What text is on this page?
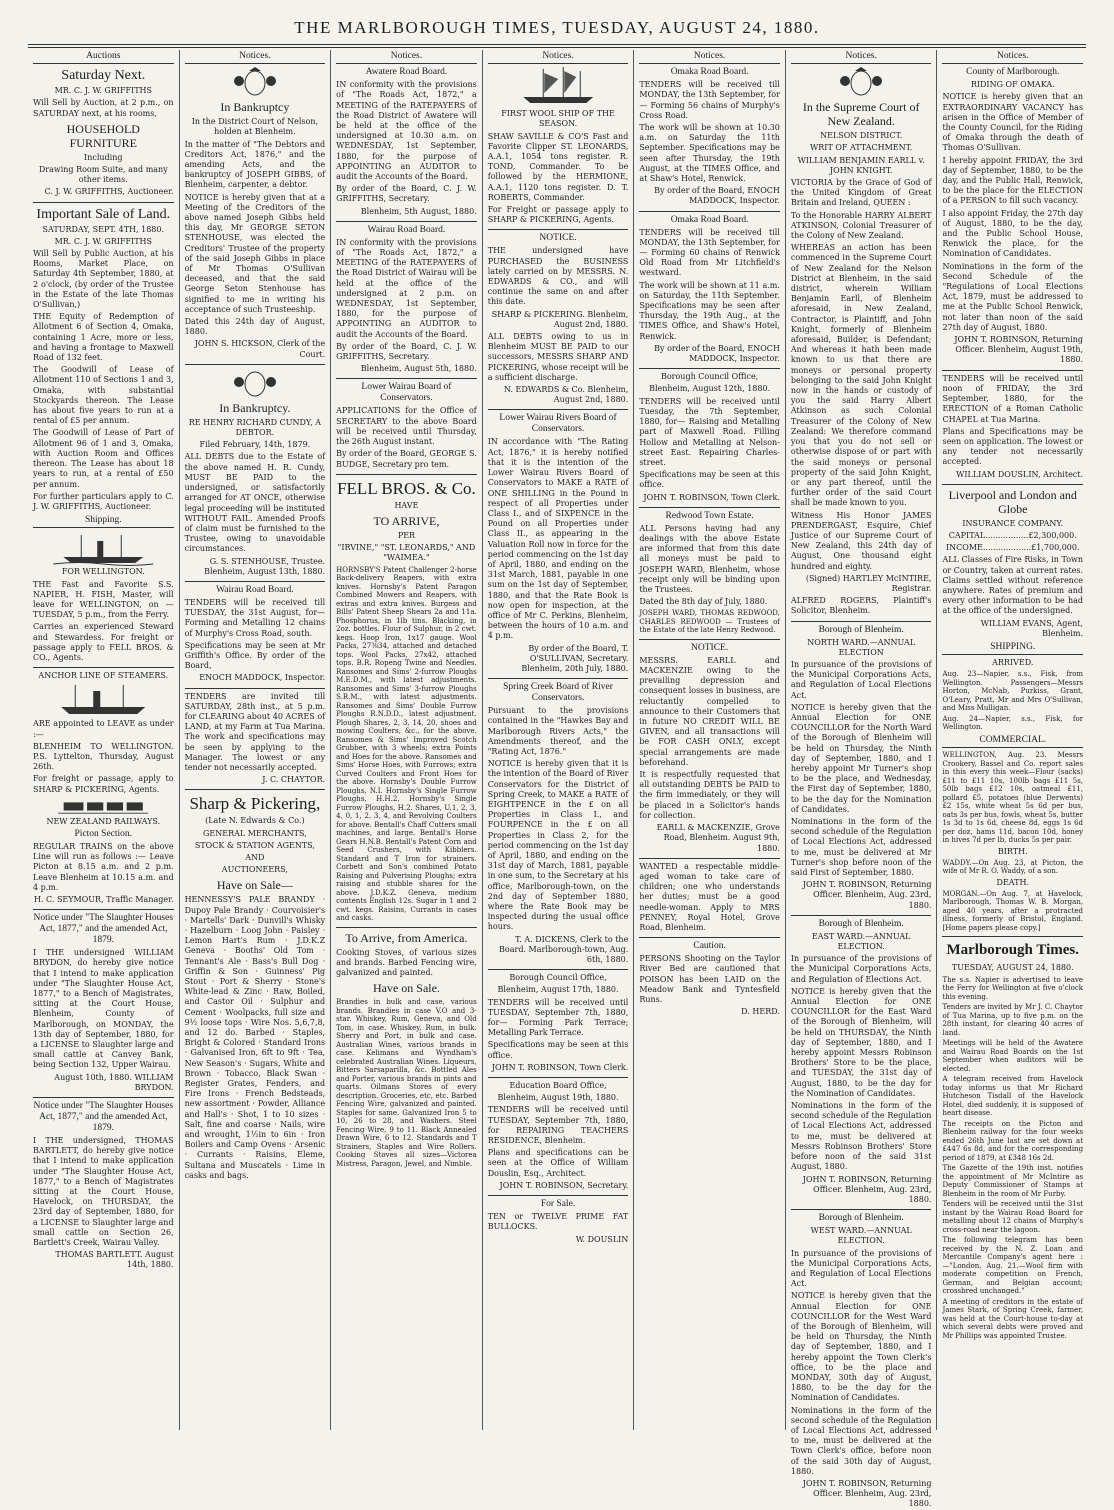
THE MARLBOROUGH TIMES, TUESDAY, AUGUST 24, 1880.
Auctions
Saturday Next.
MR. C. J. W. GRIFFITHS
Will Sell by Auction, at 2 p.m., on SATURDAY next, at his rooms,
HOUSEHOLD FURNITURE
Including
Drawing Room Suite, and many other items.
C. J. W. GRIFFITHS, Auctioneer.
Important Sale of Land.
SATURDAY, SEPT. 4TH, 1880.
MR. C. J. W. GRIFFITHS
Will Sell by Public Auction, at his Rooms, Market Place, on Saturday 4th September, 1880, at 2 o'clock, (by order of the Trustee in the Estate of the late Thomas O'Sullivan,)
THE Equity of Redemption of Allotment 6 of Section 4, Omaka, containing 1 Acre, more or less, and having a frontage to Maxwell Road of 132 feet.
The Goodwill of Lease of Allotment 110 of Sections 1 and 3, Omaka, with substantial Stockyards thereon. The Lease has about five years to run at a rental of £5 per annum.
The Goodwill of Lease of Part of Allotment 96 of 1 and 3, Omaka, with Auction Room and Offices thereon. The Lease has about 18 years to run, at a rental of £50 per annum.
For further particulars apply to C. J. W. GRIFFITHS, Auctioneer.
Shipping.
FOR WELLINGTON.
THE Fast and Favorite S.S. NAPIER, H. FISH, Master, will leave for WELLINGTON, on — TUESDAY, 5 p.m., from the Ferry.
Carries an experienced Steward and Stewardess. For freight or passage apply to FELL BROS. & CO., Agents.
ANCHOR LINE OF STEAMERS.
ARE appointed to LEAVE as under :—
BLENHEIM TO WELLINGTON. P.S. Lyttelton, Thursday, August 26th.
For freight or passage, apply to SHARP & PICKERING, Agents.
NEW ZEALAND RAILWAYS.
Picton Section.
REGULAR TRAINS on the above Line will run as follows :— Leave Picton at 8.15 a.m. and 2 p.m. Leave Blenheim at 10.15 a.m. and 4 p.m.
H. C. SEYMOUR, Traffic Manager.
Notice under "The Slaughter Houses Act, 1877," and the amended Act, 1879.
I THE undersigned WILLIAM BRYDON, do hereby give notice that I intend to make application under "The Slaughter House Act, 1877," to a Bench of Magistrates, sitting at the Court House, Blenheim, County of Marlborough, on MONDAY, the 13th day of September, 1880, for a LICENSE to Slaughter large and small cattle at Canvey Bank, being Section 132, Upper Wairau.
August 10th, 1880. WILLIAM BRYDON.
Notice under "The Slaughter Houses Act, 1877," and the amended Act, 1879.
I THE undersigned, THOMAS BARTLETT, do hereby give notice that I intend to make application under "The Slaughter House Act, 1877," to a Bench of Magistrates sitting at the Court House, Havelock, on THURSDAY, the 23rd day of September, 1880, for a LICENSE to Slaughter large and small cattle on Section 26, Bartlett's Creek, Wairau Valley.
THOMAS BARTLETT. August 14th, 1880.
Notices.
In Bankruptcy
In the District Court of Nelson, holden at Blenheim.
In the matter of "The Debtors and Creditors Act, 1876," and the amending Acts, and the bankruptcy of JOSEPH GIBBS, of Blenheim, carpenter, a debtor.
NOTICE is hereby given that at a Meeting of the Creditors of the above named Joseph Gibbs held this day, Mr GEORGE SETON STENHOUSE, was elected the Creditors' Trustee of the property of the said Joseph Gibbs in place of Mr Thomas O'Sullivan deceased, and that the said George Seton Stenhouse has signified to me in writing his acceptance of such Trusteeship.
Dated this 24th day of August, 1880.
JOHN S. HICKSON, Clerk of the Court.
In Bankruptcy.
RE HENRY RICHARD CUNDY, A DEBTOR.
Filed February, 14th, 1879.
ALL DEBTS due to the Estate of the above named H. R. Cundy, MUST BE PAID to the undersigned, or satisfactorily arranged for AT ONCE, otherwise legal proceeding will be instituted WITHOUT FAIL. Amended Proofs of claim must be furnished to the Trustee, owing to unavoidable circumstances.
G. S. STENHOUSE, Trustee. Blenheim, August 13th, 1880.
Wairau Road Board.
TENDERS will be received till TUESDAY, the 31st August, for— Forming and Metalling 12 chains of Murphy's Cross Road, south.
Specifications may be seen at Mr Griffith's Office. By order of the Board,
ENOCH MADDOCK, Inspector.
TENDERS are invited till SATURDAY, 28th inst., at 5 p.m. for CLEARING about 40 ACRES of LAND, at my Farm at Tua Marina. The work and specifications may be seen by applying to the Manager. The lowest or any tender not necessarily accepted.
J. C. CHAYTOR.
Sharp & Pickering,
(Late N. Edwards & Co.)
GENERAL MERCHANTS,
STOCK & STATION AGENTS,
AND
AUCTIONEERS,
Have on Sale—
HENNESSY'S PALE BRANDY · Dupoy Pale Brandy · Courvoisier's · Martells' Dark · Dunvill's Whisky · Hazelburn · Loog John · Paisley · Lemon Hart's Rum · J.D.K.Z Geneva · Booths' Old Tom · Tennant's Ale · Bass's Bull Dog · Griffin & Son · Guinness' Pig Stout · Port & Sherry · Stone's White-lead & Zinc · Raw, Boiled, and Castor Oil · Sulphur and Cement · Woolpacks, full size and 9½ loose tops · Wire Nos. 5,6,7,8, and 12 do. Barbed · Staples, Bright & Colored · Standard Irons · Galvanised Iron, 6ft to 9ft · Tea, New Season's · Sugars, White and Brown · Tobacco, Black Swan · Register Grates, Fenders, and Fire Irons · French Bedsteads, new assortment · Powder, Alliance and Hall's · Shot, 1 to 10 sizes · Salt, fine and coarse · Nails, wire and wrought, 1½in to 6in · Iron Boilers and Camp Ovens · Arsenic · Currants · Raisins, Eleme, Sultana and Muscatels · Lime in casks and bags.
Notices.
Awatere Road Board.
IN conformity with the provisions of "The Roads Act, 1872," a MEETING of the RATEPAYERS of the Road District of Awatere will be held at the office of the undersigned at 10.30 a.m. on WEDNESDAY, 1st September, 1880, for the purpose of APPOINTING an AUDITOR to audit the Accounts of the Board.
By order of the Board, C. J. W. GRIFFITHS, Secretary.
Blenheim, 5th August, 1880.
Wairau Road Board.
IN conformity with the provisions of "The Roads Act, 1872," a MEETING of the RATEPAYERS of the Road District of Wairau will be held at the office of the undersigned at 2 p.m. on WEDNESDAY, 1st September, 1880, for the purpose of APPOINTING an AUDITOR to audit the Accounts of the Board.
By order of the Board, C. J. W. GRIFFITHS, Secretary.
Blenheim, August 5th, 1880.
Lower Wairau Board of Conservators.
APPLICATIONS for the Office of SECRETARY to the above Board will be received until Thursday, the 26th August instant.
By order of the Board, GEORGE S. BUDGE, Secretary pro tem.
FELL BROS. & Co.
HAVE
TO ARRIVE,
PER
"IRVINE," "ST. LEONARDS," AND "WAIMEA."
HORNSBY'S Patent Challenger 2-horse Back-delivery Reapers, with extra knives. Hornsby's Patent Paragon Combined Mowers and Reapers, with extras and extra knives. Burgess and Bills' Patent Sheep Shears 2a and 11a. Phosphorus, in 1lb tins. Blacking, in 2oz. bottles. Flour of Sulphur, in 2 cwt. kegs. Hoop Iron, 1x17 gauge. Wool Packs, 27⅜34, attached and detached tops. Wool Packs, 27x42, attached tops. B.R. Ropeng Twine and Needles. Ransomes and Sims' 2-furrow Ploughs M.E.D.M., with latest adjustments. Ransomes and Sims' 3-furrow Ploughs S.R.M., with latest adjustments. Ransomes and Sims' Double Furrow Ploughs R.N.D.D., latest adjustment. Plough Shares, 2, 3, 14, 20, shoes and mowing Coulters, &c., for the above. Ransomes & Sims' Improved Scotch Grubber, with 3 wheels; extra Points and Hoes for the above. Ransomes and Sims' Horse Hoes, with Furrows; extra Curved Coulters and Front Hoes for the above. Hornsby's Double Furrow Ploughs, N.I. Hornsby's Single Furrow Ploughs, H.H.2. Hornsby's Single Furrow Ploughs, H.2. Shares, U.1, 2, 3, 4, 0, 1, 2, 3, 4, and Revolving Coulters for above. Bentall's Chaff Cutters small machines, and large. Bentall's Horse Gears H.N.B. Bentall's Patent Corn and Seed Crushers, with Kibblers. Standard and T Iron for strainers. Corbett and Son's combined Potato Raising and Pulverising Ploughs; extra raising and stubble shares for the above. J.D.K.Z. Geneva, medium contents English 12s. Sugar in 1 and 2 cwt. kegs. Raisins, Currants in cases and casks.
To Arrive, from America.
Cooking Stoves, of various sizes and brands. Barbed Fencing wire, galvanized and painted.
Have on Sale.
Brandies in bulk and case, various brands. Brandies in case V.O and 3-star. Whiskey, Rum, Geneva, and Old Tom, in case. Whiskey, Rum, in bulk. Sherry and Port, in bulk and case. Australian Wines, various brands in case. Kelimans and Wyndham's celebrated Australian Wines. Liqueurs, Bitters Sarsaparilla, &c. Bottled Ales and Porter, various brands in pints and quarts. Oilmans Stores of every description. Groceries, etc, etc. Barbed Fencing Wire, galvanized and painted. Staples for same. Galvanized Iron 5 to 10, 26 to 28, and Washers. Steel Fencing Wire, 9 to 11. Black Annealed Drawn Wire, 6 to 12. Standards and T Strainers, Staples and Wire Rollers. Cooking Stoves all sizes—Victorea Mistress, Paragon, Jewel, and Nimble.
Notices.
FIRST WOOL SHIP OF THE SEASON.
SHAW SAVILLE & CO'S Fast and Favorite Clipper ST. LEONARDS, A.A.1, 1054 tons register. R. TOND, Commander. To be followed by the HERMIONE, A.A.1, 1120 tons register. D. T. ROBERTS, Commander.
For Freight or passage apply to SHARP & PICKERING, Agents.
NOTICE.
THE undersigned have PURCHASED the BUSINESS lately carried on by MESSRS. N. EDWARDS & CO., and will continue the same on and after this date.
SHARP & PICKERING. Blenheim, August 2nd, 1880.
ALL DEBTS owing to us in Blenheim MUST BE PAID to our successors, MESSRS SHARP AND PICKERING, whose receipt will be a sufficient discharge.
N. EDWARDS & Co. Blenheim, August 2nd, 1880.
Lower Wairau Rivers Board of Conservators.
IN accordance with "The Rating Act, 1876," it is hereby notified that it is the intention of the Lower Wairau Rivers Board of Conservators to MAKE a RATE of ONE SHILLING in the Pound in respect of all Properties under Class I., and of SIXPENCE in the Pound on all Properties under Class II., as appearing in the Valuation Roll now in force for the period commencing on the 1st day of April, 1880, and ending on the 31st March, 1881, payable in one sum on the 1st day of September, 1880, and that the Rate Book is now open for inspection, at the office of Mr C. Perkins, Blenheim, between the hours of 10 a.m. and 4 p.m.
By order of the Board, T. O'SULLIVAN, Secretary. Blenheim, 20th July, 1880.
Spring Creek Board of River Conservators.
Pursuant to the provisions contained in the "Hawkes Bay and Marlborough Rivers Acts," the Amendments thereof, and the "Rating Act, 1876."
NOTICE is hereby given that it is the intention of the Board of River Conservators for the District of Spring Creek, to MAKE a RATE of EIGHTPENCE in the £ on all Properties in Class I., and FOURPENCE in the £ on all Properties in Class 2, for the period commencing on the 1st day of April, 1880, and ending on the 31st day of March, 1881, payable in one sum, to the Secretary at his office, Marlborough-town, on the 2nd day of September 1880, where the Rate Book may be inspected during the usual office hours.
T. A. DICKENS, Clerk to the Board. Marlborough-town, Aug. 6th, 1880.
Borough Council Office,
Blenheim, August 17th, 1880.
TENDERS will be received until TUESDAY, September 7th, 1880, for— Forming Park Terrace; Metalling Park Terrace.
Specifications may be seen at this office.
JOHN T. ROBINSON, Town Clerk.
Education Board Office,
Blenheim, August 19th, 1880.
TENDERS will be received until TUESDAY, September 7th, 1880, for REPAIRING TEACHERS RESIDENCE, Blenheim.
Plans and specifications can be seen at the Office of William Douslin, Esq., Architect.
JOHN T. ROBINSON, Secretary.
For Sale.
TEN or TWELVE PRIME FAT BULLOCKS.
W. DOUSLIN
Notices.
Omaka Road Board.
TENDERS will be received till MONDAY, the 13th September, for— Forming 56 chains of Murphy's Cross Road.
The work will be shown at 10.30 a.m. on Saturday the 11th September. Specifications may be seen after Thursday, the 19th August, at the TIMES Office, and at Shaw's Hotel, Renwick.
By order of the Board, ENOCH MADDOCK, Inspector.
Omaka Road Board.
TENDERS will be received till MONDAY, the 13th September, for— Forming 60 chains of Renwick Old Road from Mr Litchfield's westward.
The work will be shown at 11 a.m. on Saturday, the 11th September. Specifications may be seen after Thursday, the 19th Aug., at the TIMES Office, and Shaw's Hotel, Renwick.
By order of the Board, ENOCH MADDOCK, Inspector.
Borough Council Office,
Blenheim, August 12th, 1880.
TENDERS will be received until Tuesday, the 7th September, 1880, for— Raising and Metalling part of Maxwell Road. Filling Hollow and Metalling at Nelson-street East. Repairing Charles-street.
Specifications may be seen at this office.
JOHN T. ROBINSON, Town Clerk.
Redwood Town Estate.
ALL Persons having had any dealings with the above Estate are informed that from this date all moneys must be paid to JOSEPH WARD, Blenheim, whose receipt only will be binding upon the Trustees.
Dated the 8th day of July, 1880.
JOSEPH WARD, THOMAS REDWOOD, CHARLES REDWOOD — Trustees of the Estate of the late Henry Redwood.
NOTICE.
MESSRS. EARLL and MACKENZIE owing to the prevailing depression and consequent losses in business, are reluctantly compelled to announce to their Customers that in future NO CREDIT WILL BE GIVEN, and all transactions will be FOR CASH ONLY, except special arrangements are made beforehand.
It is respectfully requested that all outstanding DEBTS be PAID to the firm immediately, or they will be placed in a Solicitor's hands for collection.
EARLL & MACKENZIE, Grove Road, Blenheim. August 9th, 1880.
WANTED a respectable middle-aged woman to take care of children; one who understands her duties; must be a good needle-woman. Apply to MRS PENNEY, Royal Hotel, Grove Road, Blenheim.
Caution.
PERSONS Shooting on the Taylor River Bed are cautioned that POISON has been LAID on the Meadow Bank and Tyntesfield Runs.
D. HERD.
Notices.
In the Supreme Court of New Zealand.
NELSON DISTRICT.
WRIT OF ATTACHMENT.
WILLIAM BENJAMIN EARLL v. JOHN KNIGHT.
VICTORIA by the Grace of God of the United Kingdom of Great Britain and Ireland, QUEEN :
To the Honorable HARRY ALBERT ATKINSON, Colonial Treasurer of the Colony of New Zealand.
WHEREAS an action has been commenced in the Supreme Court of New Zealand for the Nelson District at Blenheim, in the said district, wherein William Benjamin Earll, of Blenheim aforesaid, in New Zealand, Contractor, is Plaintiff, and John Knight, formerly of Blenheim aforesaid, Builder, is Defendant; And whereas it hath been made known to us that there are moneys or personal property belonging to the said John Knight now in the hands or custody of you the said Harry Albert Atkinson as such Colonial Treasurer of the Colony of New Zealand: We therefore command you that you do not sell or otherwise dispose of or part with the said moneys or personal property of the said John Knight, or any part thereof, until the further order of the said Court shall be made known to you.
Witness His Honor JAMES PRENDERGAST, Esquire, Chief Justice of our Supreme Court of New Zealand, this 24th day of August, One thousand eight hundred and eighty.
(Signed) HARTLEY McINTIRE, Registrar.
ALFRED ROGERS, Plaintiff's Solicitor, Blenheim.
Borough of Blenheim.
NORTH WARD.—ANNUAL ELECTION
In pursuance of the provisions of the Municipal Corporations Acts, and Regulation of Local Elections Act.
NOTICE is hereby given that the Annual Election for ONE COUNCILLOR for the North Ward of the Borough of Blenheim will be held on Thursday, the Ninth day of September, 1880, and I hereby appoint Mr Turner's shop to be the place, and Wednesday, the First day of September, 1880, to be the day for the Nomination of Candidates.
Nominations in the form of the second schedule of the Regulation of Local Elections Act, addressed to me, must be delivered at Mr Turner's shop before noon of the said First of September, 1880.
JOHN T. ROBINSON, Returning Officer. Blenheim, Aug. 23rd, 1880.
Borough of Blenheim.
EAST WARD.—ANNUAL ELECTION.
In pursuance of the provisions of the Municipal Corporations Acts, and Regulation of Elections Act.
NOTICE is hereby given that the Annual Election for ONE COUNCILLOR for the East Ward of the Borough of Blenheim, will be held on THURSDAY, the Ninth day of September, 1880, and I hereby appoint Messrs Robinson Brothers' Store to be the place, and TUESDAY, the 31st day of August, 1880, to be the day for the Nomination of Candidates.
Nominations in the form of the second schedule of the Regulation of Local Elections Act, addressed to me, must be delivered at Messrs Robinson Brothers' Store before noon of the said 31st August, 1880.
JOHN T. ROBINSON, Returning Officer. Blenheim, Aug. 23rd, 1880.
Borough of Blenheim.
WEST WARD.—ANNUAL ELECTION.
In pursuance of the provisions of the Municipal Corporations Acts, and Regulation of Local Elections Act.
NOTICE is hereby given that the Annual Election for ONE COUNCILLOR for the West Ward of the Borough of Blenheim, will be held on Thursday, the Ninth day of September, 1880, and I hereby appoint the Town Clerk's office, to be the place and MONDAY, 30th day of August, 1880, to be the day for the Nomination of Candidates.
Nominations in the form of the second schedule of the Regulation of Local Elections Act, addressed to me, must be delivered at the Town Clerk's office, before noon of the said 30th day of August, 1880.
JOHN T. ROBINSON, Returning Officer. Blenheim, Aug. 23rd, 1880.
Notices.
County of Marlborough.
RIDING OF OMAKA.
NOTICE is hereby given that an EXTRAORDINARY VACANCY has arisen in the Office of Member of the County Council, for the Riding of Omaka through the death of Thomas O'Sullivan.
I hereby appoint FRIDAY, the 3rd day of September, 1880, to be the day, and the Public Hall, Renwick, to be the place for the ELECTION of a PERSON to fill such vacancy.
I also appoint Friday, the 27th day of August, 1880, to be the day, and the Public School House, Renwick the place, for the Nomination of Candidates.
Nominations in the form of the Second Schedule of the "Regulations of Local Elections Act, 1879, must be addressed to me at the Public School Renwick, not later than noon of the said 27th day of August, 1880.
JOHN T. ROBINSON, Returning Officer. Blenheim, August 19th, 1880.
TENDERS will be received until noon of FRIDAY, the 3rd September, 1880, for the ERECTION of a Roman Catholic CHAPEL at Tua Marina.
Plans and Specifications may be seen on application. The lowest or any tender not necessarily accepted.
WILLIAM DOUSLIN, Architect.
Liverpool and London and Globe
INSURANCE COMPANY.
CAPITAL.................£2,300,000.
INCOME...................£1,700,000.
ALL Classes of Fire Risks, in Town or Country, taken at current rates. Claims settled without reference anywhere. Rates of premium and every other information to be had at the office of the undersigned.
WILLIAM EVANS, Agent, Blenheim.
SHIPPING.
ARRIVED.
Aug. 23—Napier, s.s., Fisk, from Wellington. Passengers—Messrs Horton, McNab, Purkiss, Grant, O'Leary, Pratt, Mr and Mrs O'Sullivan, and Miss Mulligan.
Aug. 24—Napier, s.s., Fisk, for Wellington.
COMMERCIAL.
WELLINGTON, Aug. 23. Messrs Crookery, Bassel and Co. report sales in this every this week—Flour (sacks) £11 to £11 10s, 100lb bags £11 5s, 50lb bags £12 10s, oatmeal £11, pollard £5, potatoes (blue Derwents) £2 15s, white wheat 5s 6d per bus, oats 3s per bus, fowls, wheat 5s, butter 1s 3d to 1s 6d, cheese 8d, eggs 1s 6d per doz, hams 11d, bacon 10d, honey in hives 7d per lb, ducks 5s per pair.
BIRTH.
WADDY.—On Aug. 23, at Picton, the wife of Mr R. O. Waddy, of a son.
DEATH.
MORGAN.—On Aug. 7, at Havelock, Marlborough, Thomas W. B. Morgan, aged 40 years, after a protracted illness, formerly of Bristol, England. [Home papers please copy.]
Marlborough Times.
TUESDAY, AUGUST 24, 1880.
The s.s. Napier is advertised to leave the Ferry for Wellington at five o'clock this evening.
Tenders are invited by Mr J. C. Chaytor of Tua Marina, up to five p.m. on the 28th instant, for clearing 40 acres of land.
Meetings will be held of the Awatere and Wairau Road Boards on the 1st September when auditors will be elected.
A telegram received from Havelock today informs us that Mr Richard Hutcheson Tisdall of the Havelock Hotel, died suddenly, it is supposed of heart disease.
The receipts on the Picton and Blenheim railway for the four weeks ended 26th June last are set down at £447 6s 8d, and for the corresponding period of 1879, at £348 16s 2d.
The Gazette of the 19th inst. notifies the appointment of Mr McIntire as Deputy Commissioner of Stamps at Blenheim in the room of Mr Furby.
Tenders will be received until the 31st instant by the Wairau Road Board for metalling about 12 chains of Murphy's cross-road near the lagoon.
The following telegram has been received by the N. Z. Loan and Mercantile Company's agent here :—"London, Aug. 21.—Wool firm with moderate competition on French, German, and Belgian account; crossbred unchanged."
A meeting of creditors in the estate of James Stark, of Spring Creek, farmer, was held at the Court-house to-day at which several debts were proved and Mr Phillips was appointed Trustee.
